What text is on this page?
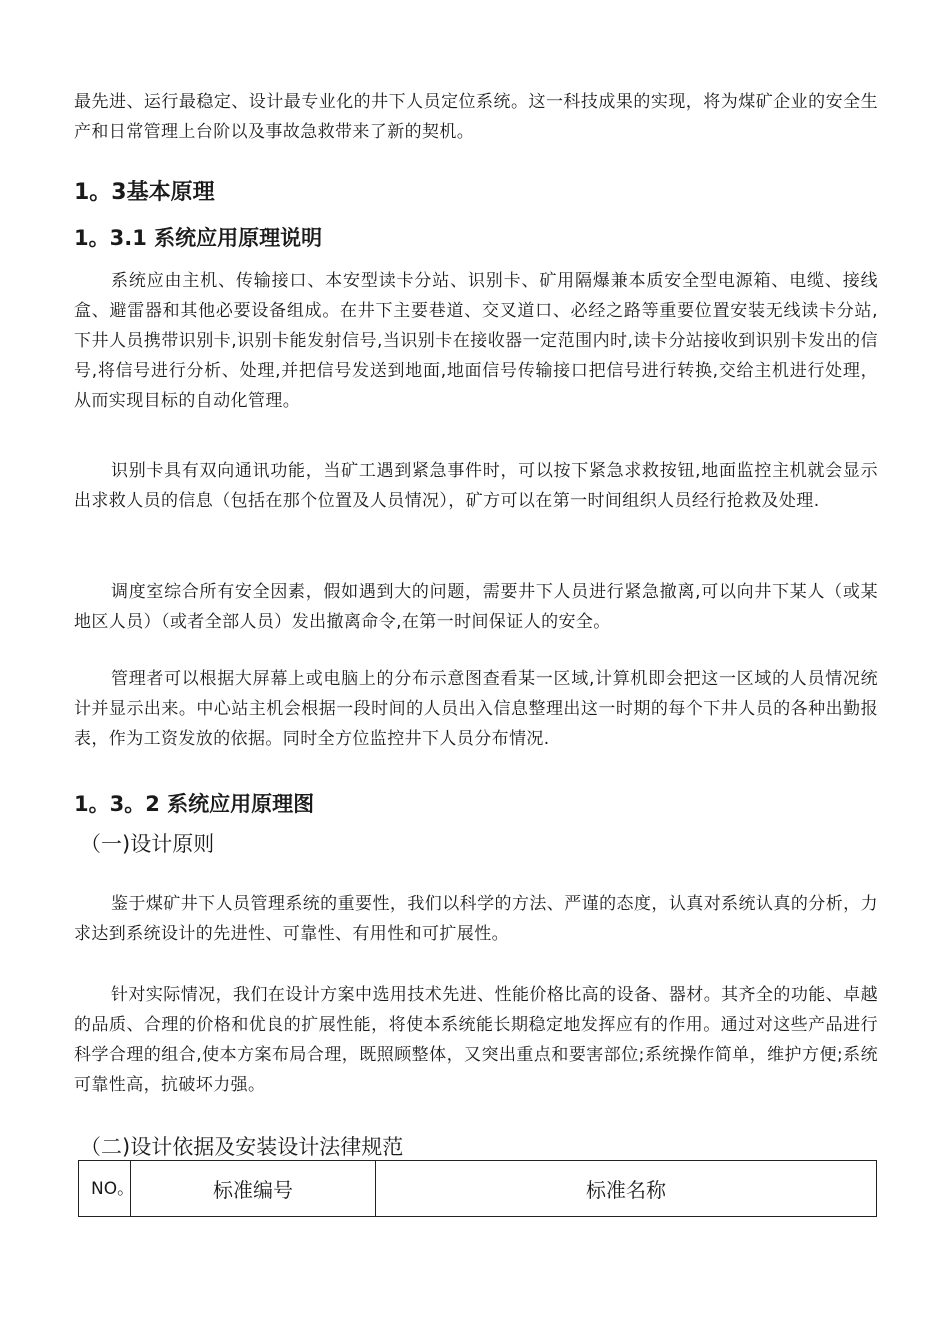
最先进、运行最稳定、设计最专业化的井下人员定位系统。这一科技成果的实现，将为煤矿企业的安全生产和日常管理上台阶以及事故急救带来了新的契机。

1。3基本原理
1。3.1 系统应用原理说明

系统应由主机、传输接口、本安型读卡分站、识别卡、矿用隔爆兼本质安全型电源箱、电缆、接线盒、避雷器和其他必要设备组成。在井下主要巷道、交叉道口、必经之路等重要位置安装无线读卡分站,下井人员携带识别卡,识别卡能发射信号,当识别卡在接收器一定范围内时,读卡分站接收到识别卡发出的信号,将信号进行分析、处理,并把信号发送到地面,地面信号传输接口把信号进行转换,交给主机进行处理，从而实现目标的自动化管理。

识别卡具有双向通讯功能，当矿工遇到紧急事件时，可以按下紧急求救按钮,地面监控主机就会显示出求救人员的信息（包括在那个位置及人员情况），矿方可以在第一时间组织人员经行抢救及处理.

调度室综合所有安全因素，假如遇到大的问题，需要井下人员进行紧急撤离,可以向井下某人（或某地区人员）（或者全部人员）发出撤离命令,在第一时间保证人的安全。

管理者可以根据大屏幕上或电脑上的分布示意图查看某一区域,计算机即会把这一区域的人员情况统计并显示出来。中心站主机会根据一段时间的人员出入信息整理出这一时期的每个下井人员的各种出勤报表，作为工资发放的依据。同时全方位监控井下人员分布情况.

1。3。2 系统应用原理图
（一)设计原则

鉴于煤矿井下人员管理系统的重要性，我们以科学的方法、严谨的态度，认真对系统认真的分析，力求达到系统设计的先进性、可靠性、有用性和可扩展性。

针对实际情况，我们在设计方案中选用技术先进、性能价格比高的设备、器材。其齐全的功能、卓越的品质、合理的价格和优良的扩展性能，将使本系统能长期稳定地发挥应有的作用。通过对这些产品进行科学合理的组合,使本方案布局合理，既照顾整体，又突出重点和要害部位;系统操作简单，维护方便;系统可靠性高，抗破坏力强。

（二)设计依据及安装设计法律规范
NO。	标准编号	标准名称
